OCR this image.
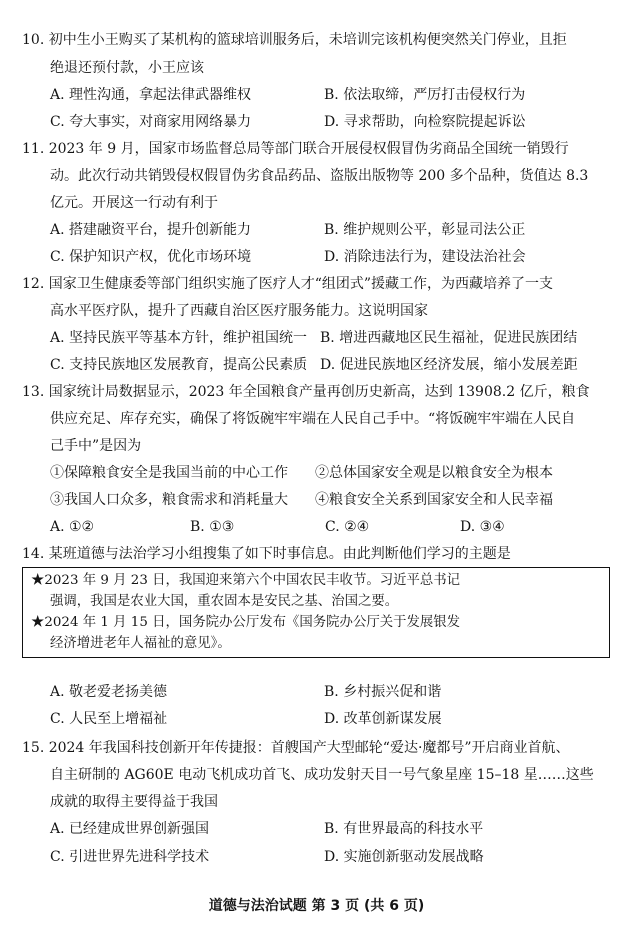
10. 初中生小王购买了某机构的篮球培训服务后，未培训完该机构便突然关门停业，且拒
绝退还预付款，小王应该
A. 理性沟通，拿起法律武器维权	B. 依法取缔，严厉打击侵权行为
C. 夸大事实，对商家用网络暴力	D. 寻求帮助，向检察院提起诉讼
11. 2023 年 9 月，国家市场监督总局等部门联合开展侵权假冒伪劣商品全国统一销毁行
动。此次行动共销毁侵权假冒伪劣食品药品、盗版出版物等 200 多个品种，货值达 8.3
亿元。开展这一行动有利于
A. 搭建融资平台，提升创新能力	B. 维护规则公平，彰显司法公正
C. 保护知识产权，优化市场环境	D. 消除违法行为，建设法治社会
12. 国家卫生健康委等部门组织实施了医疗人才“组团式”援藏工作，为西藏培养了一支
高水平医疗队，提升了西藏自治区医疗服务能力。这说明国家
A. 坚持民族平等基本方针，维护祖国统一 B. 增进西藏地区民生福祉，促进民族团结
C. 支持民族地区发展教育，提高公民素质 D. 促进民族地区经济发展，缩小发展差距
13. 国家统计局数据显示，2023 年全国粮食产量再创历史新高，达到 13908.2 亿斤，粮食
供应充足、库存充实，确保了将饭碗牢牢端在人民自己手中。“将饭碗牢牢端在人民自
己手中”是因为
①保障粮食安全是我国当前的中心工作 ②总体国家安全观是以粮食安全为根本
③我国人口众多，粮食需求和消耗量大 ④粮食安全关系到国家安全和人民幸福
A. ①②	B. ①③	C. ②④	D. ③④
14. 某班道德与法治学习小组搜集了如下时事信息。由此判断他们学习的主题是
★2023 年 9 月 23 日，我国迎来第六个中国农民丰收节。习近平总书记
强调，我国是农业大国，重农固本是安民之基、治国之要。
★2024 年 1 月 15 日，国务院办公厅发布《国务院办公厅关于发展银发
经济增进老年人福祉的意见》。
A. 敬老爱老扬美德	B. 乡村振兴促和谐
C. 人民至上增福祉	D. 改革创新谋发展
15. 2024 年我国科技创新开年传捷报：首艘国产大型邮轮“爱达·魔都号”开启商业首航、
自主研制的 AG60E 电动飞机成功首飞、成功发射天目一号气象星座 15–18 星……这些
成就的取得主要得益于我国
A. 已经建成世界创新强国	B. 有世界最高的科技水平
C. 引进世界先进科学技术	D. 实施创新驱动发展战略
道德与法治试题 第 3 页 (共 6 页)
